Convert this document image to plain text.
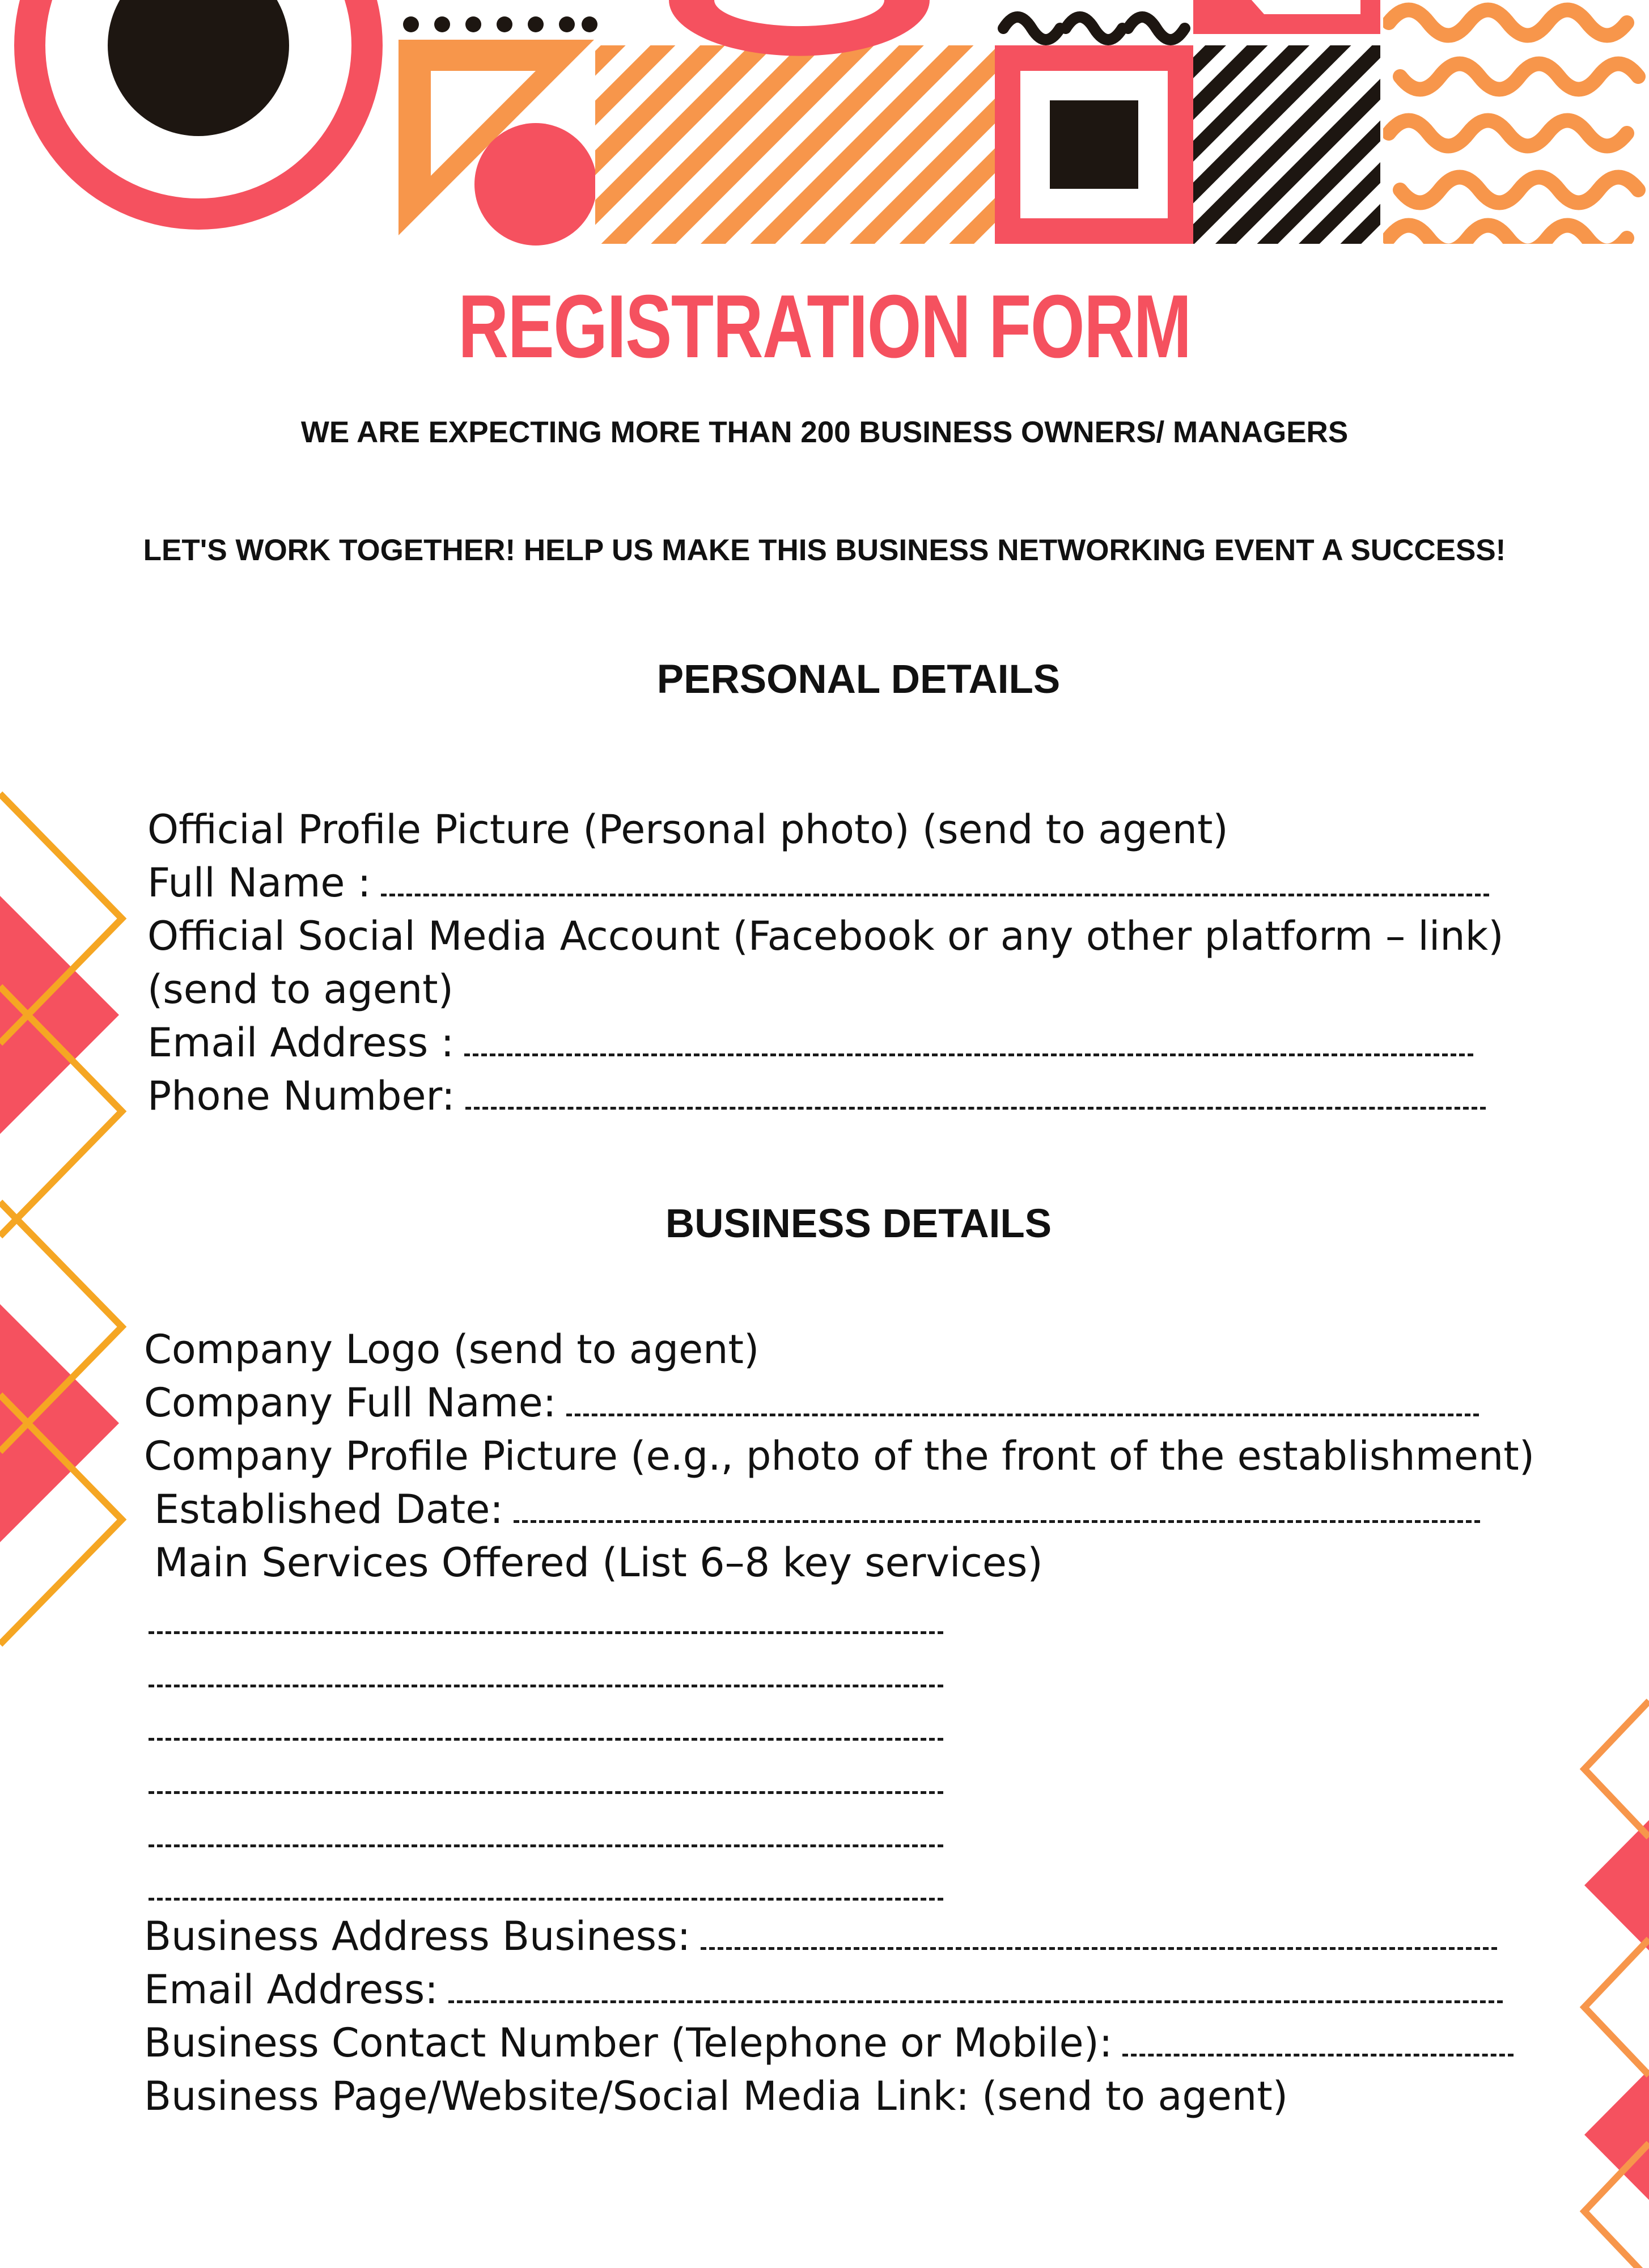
REGISTRATION FORM
WE ARE EXPECTING MORE THAN 200 BUSINESS OWNERS/ MANAGERS
LET'S WORK TOGETHER! HELP US MAKE THIS BUSINESS NETWORKING EVENT A SUCCESS!
PERSONAL DETAILS
Official Profile Picture (Personal photo) (send to agent)
Full Name :
Official Social Media Account (Facebook or any other platform – link)
(send to agent)
Email Address :
Phone Number:
BUSINESS DETAILS
Company Logo (send to agent)
Company Full Name:
Company Profile Picture (e.g., photo of the front of the establishment)
Established Date:
Main Services Offered (List 6–8 key services)
Business Address Business:
Email Address:
Business Contact Number (Telephone or Mobile):
Business Page/Website/Social Media Link: (send to agent)
